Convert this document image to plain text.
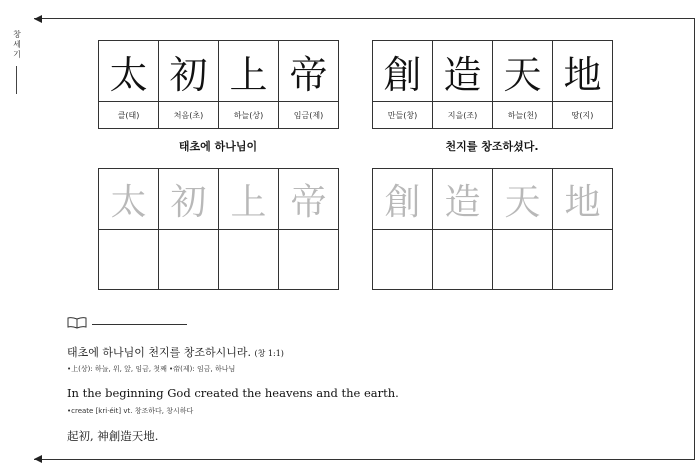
창세기 太
클(태)
初
처음(초)
上
하늘(상)
帝
임금(제)
創
만들(창)
造
지을(조)
天
하늘(천)
地
땅(지)
태초에 하나님이	천지를 창조하셨다.
太 初 上 帝	創 造 天 地
태초에 하나님이 천지를 창조하시니라. (창 1:1)
•上(상): 하늘, 위, 앞, 임금, 첫째 •帝(제): 임금, 하나님
In the beginning God created the heavens and the earth.
•create [kri·éit] vt. 창조하다, 창시하다
起初, 神創造天地.
